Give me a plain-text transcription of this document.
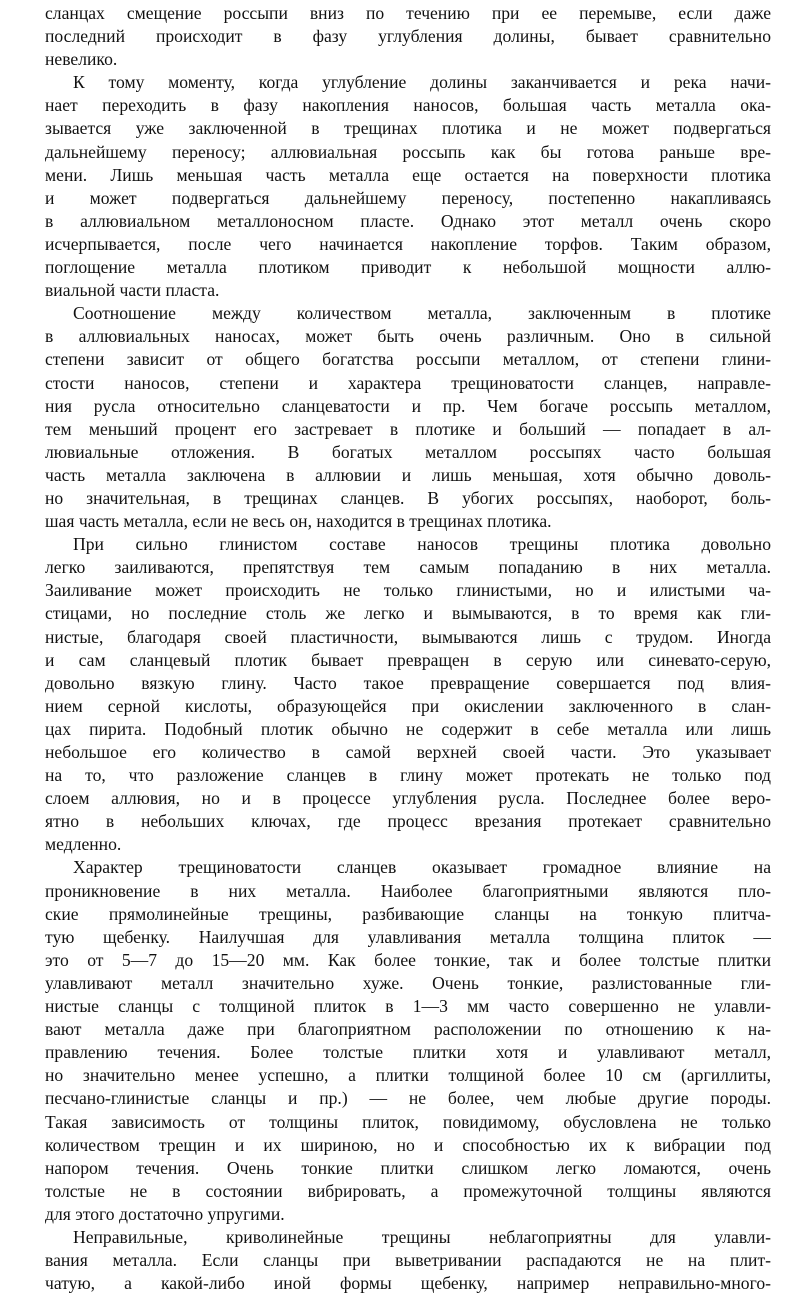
сланцах смещение россыпи вниз по течению при ее перемыве, если даже
последний происходит в фазу углубления долины, бывает сравнительно
невелико.
К тому моменту, когда углубление долины заканчивается и река начи-
нает переходить в фазу накопления наносов, большая часть металла ока-
зывается уже заключенной в трещинах плотика и не может подвергаться
дальнейшему переносу; аллювиальная россыпь как бы готова раньше вре-
мени. Лишь меньшая часть металла еще остается на поверхности плотика
и может подвергаться дальнейшему переносу, постепенно накапливаясь
в аллювиальном металлоносном пласте. Однако этот металл очень скоро
исчерпывается, после чего начинается накопление торфов. Таким образом,
поглощение металла плотиком приводит к небольшой мощности аллю-
виальной части пласта.
Соотношение между количеством металла, заключенным в плотике
в аллювиальных наносах, может быть очень различным. Оно в сильной
степени зависит от общего богатства россыпи металлом, от степени глини-
стости наносов, степени и характера трещиноватости сланцев, направле-
ния русла относительно сланцеватости и пр. Чем богаче россыпь металлом,
тем меньший процент его застревает в плотике и больший — попадает в ал-
лювиальные отложения. В богатых металлом россыпях часто большая
часть металла заключена в аллювии и лишь меньшая, хотя обычно доволь-
но значительная, в трещинах сланцев. В убогих россыпях, наоборот, боль-
шая часть металла, если не весь он, находится в трещинах плотика.
При сильно глинистом составе наносов трещины плотика довольно
легко заиливаются, препятствуя тем самым попаданию в них металла.
Заиливание может происходить не только глинистыми, но и илистыми ча-
стицами, но последние столь же легко и вымываются, в то время как гли-
нистые, благодаря своей пластичности, вымываются лишь с трудом. Иногда
и сам сланцевый плотик бывает превращен в серую или синевато-серую,
довольно вязкую глину. Часто такое превращение совершается под влия-
нием серной кислоты, образующейся при окислении заключенного в слан-
цах пирита. Подобный плотик обычно не содержит в себе металла или лишь
небольшое его количество в самой верхней своей части. Это указывает
на то, что разложение сланцев в глину может протекать не только под
слоем аллювия, но и в процессе углубления русла. Последнее более веро-
ятно в небольших ключах, где процесс врезания протекает сравнительно
медленно.
Характер трещиноватости сланцев оказывает громадное влияние на
проникновение в них металла. Наиболее благоприятными являются пло-
ские прямолинейные трещины, разбивающие сланцы на тонкую плитча-
тую щебенку. Наилучшая для улавливания металла толщина плиток —
это от 5—7 до 15—20 мм. Как более тонкие, так и более толстые плитки
улавливают металл значительно хуже. Очень тонкие, разлистованные гли-
нистые сланцы с толщиной плиток в 1—3 мм часто совершенно не улавли-
вают металла даже при благоприятном расположении по отношению к на-
правлению течения. Более толстые плитки хотя и улавливают металл,
но значительно менее успешно, а плитки толщиной более 10 см (аргиллиты,
песчано-глинистые сланцы и пр.) — не более, чем любые другие породы.
Такая зависимость от толщины плиток, повидимому, обусловлена не только
количеством трещин и их шириною, но и способностью их к вибрации под
напором течения. Очень тонкие плитки слишком легко ломаются, очень
толстые не в состоянии вибрировать, а промежуточной толщины являются
для этого достаточно упругими.
Неправильные, криволинейные трещины неблагоприятны для улавли-
вания металла. Если сланцы при выветривании распадаются не на плит-
чатую, а какой-либо иной формы щебенку, например неправильно-много-
